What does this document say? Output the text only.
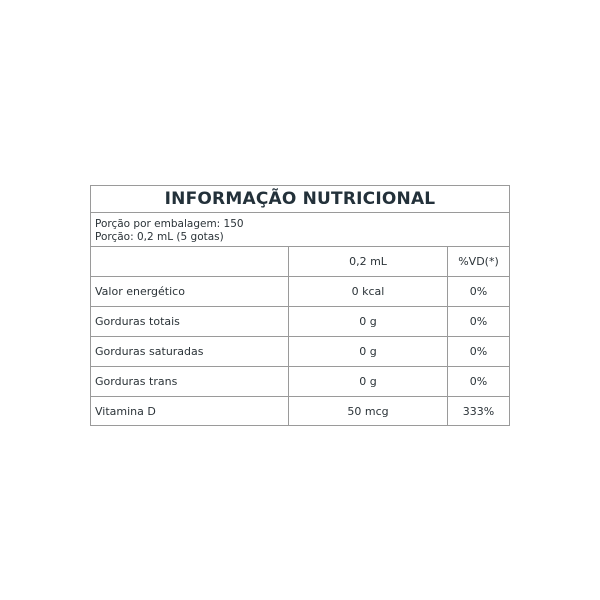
INFORMAÇÃO NUTRICIONAL
Porção por embalagem: 150
Porção: 0,2 mL (5 gotas)
	0,2 mL	%VD(*)
Valor energético	0 kcal	0%
Gorduras totais	0 g	0%
Gorduras saturadas	0 g	0%
Gorduras trans	0 g	0%
Vitamina D	50 mcg	333%
